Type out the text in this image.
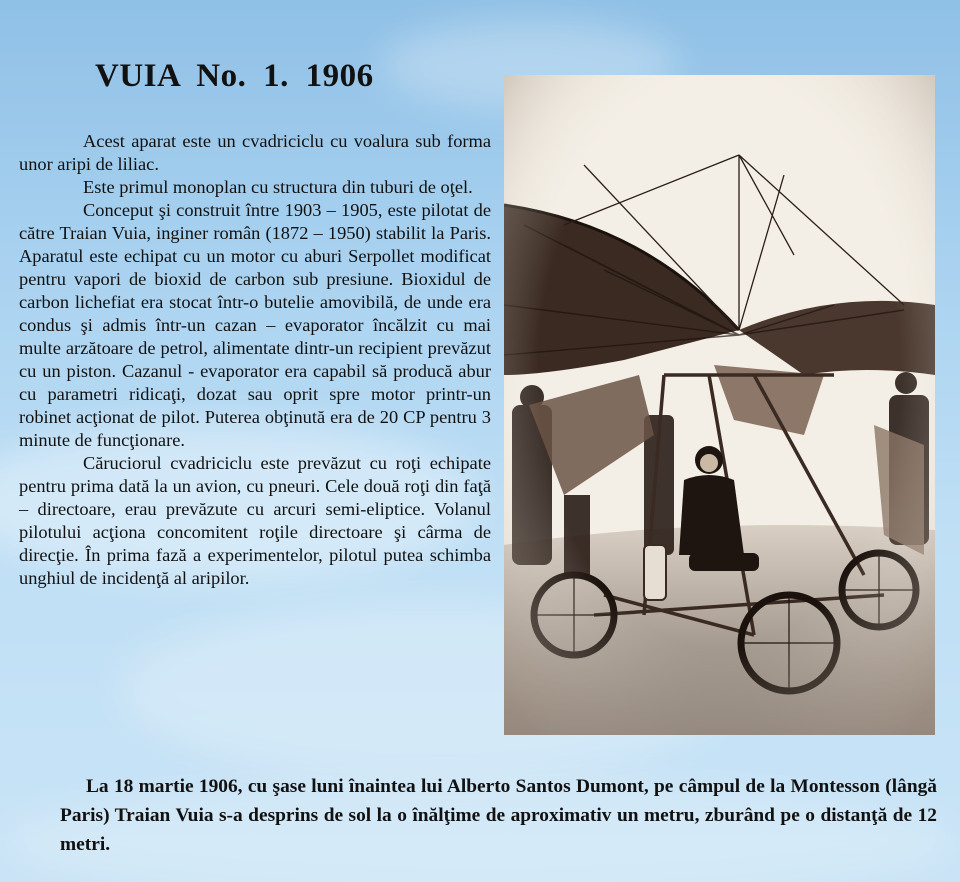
VUIA No. 1. 1906

Acest aparat este un cvadriciclu cu voalura sub forma unor aripi de liliac.

Este primul monoplan cu structura din tuburi de oţel.

Conceput şi construit între 1903 – 1905, este pilotat de către Traian Vuia, inginer român (1872 – 1950) stabilit la Paris. Aparatul este echipat cu un motor cu aburi Serpollet modificat pentru vapori de bioxid de carbon sub presiune. Bioxidul de carbon lichefiat era stocat într-o butelie amovibilă, de unde era condus şi admis într-un cazan – evaporator încălzit cu mai multe arzătoare de petrol, alimentate dintr-un recipient prevăzut cu un piston. Cazanul - evaporator era capabil să producă abur cu parametri ridicaţi, dozat sau oprit spre motor printr-un robinet acţionat de pilot. Puterea obţinută era de 20 CP pentru 3 minute de funcţionare.

Căruciorul cvadriciclu este prevăzut cu roţi echipate pentru prima dată la un avion, cu pneuri. Cele două roţi din faţă – directoare, erau prevăzute cu arcuri semi-eliptice. Volanul pilotului acţiona concomitent roţile directoare şi cârma de direcţie. În prima fază a experimentelor, pilotul putea schimba unghiul de incidenţă al aripilor.

La 18 martie 1906, cu şase luni înaintea lui Alberto Santos Dumont, pe câmpul de la Montesson (lângă Paris) Traian Vuia s-a desprins de sol la o înălţime de aproximativ un metru, zburând pe o distanţă de 12 metri.
